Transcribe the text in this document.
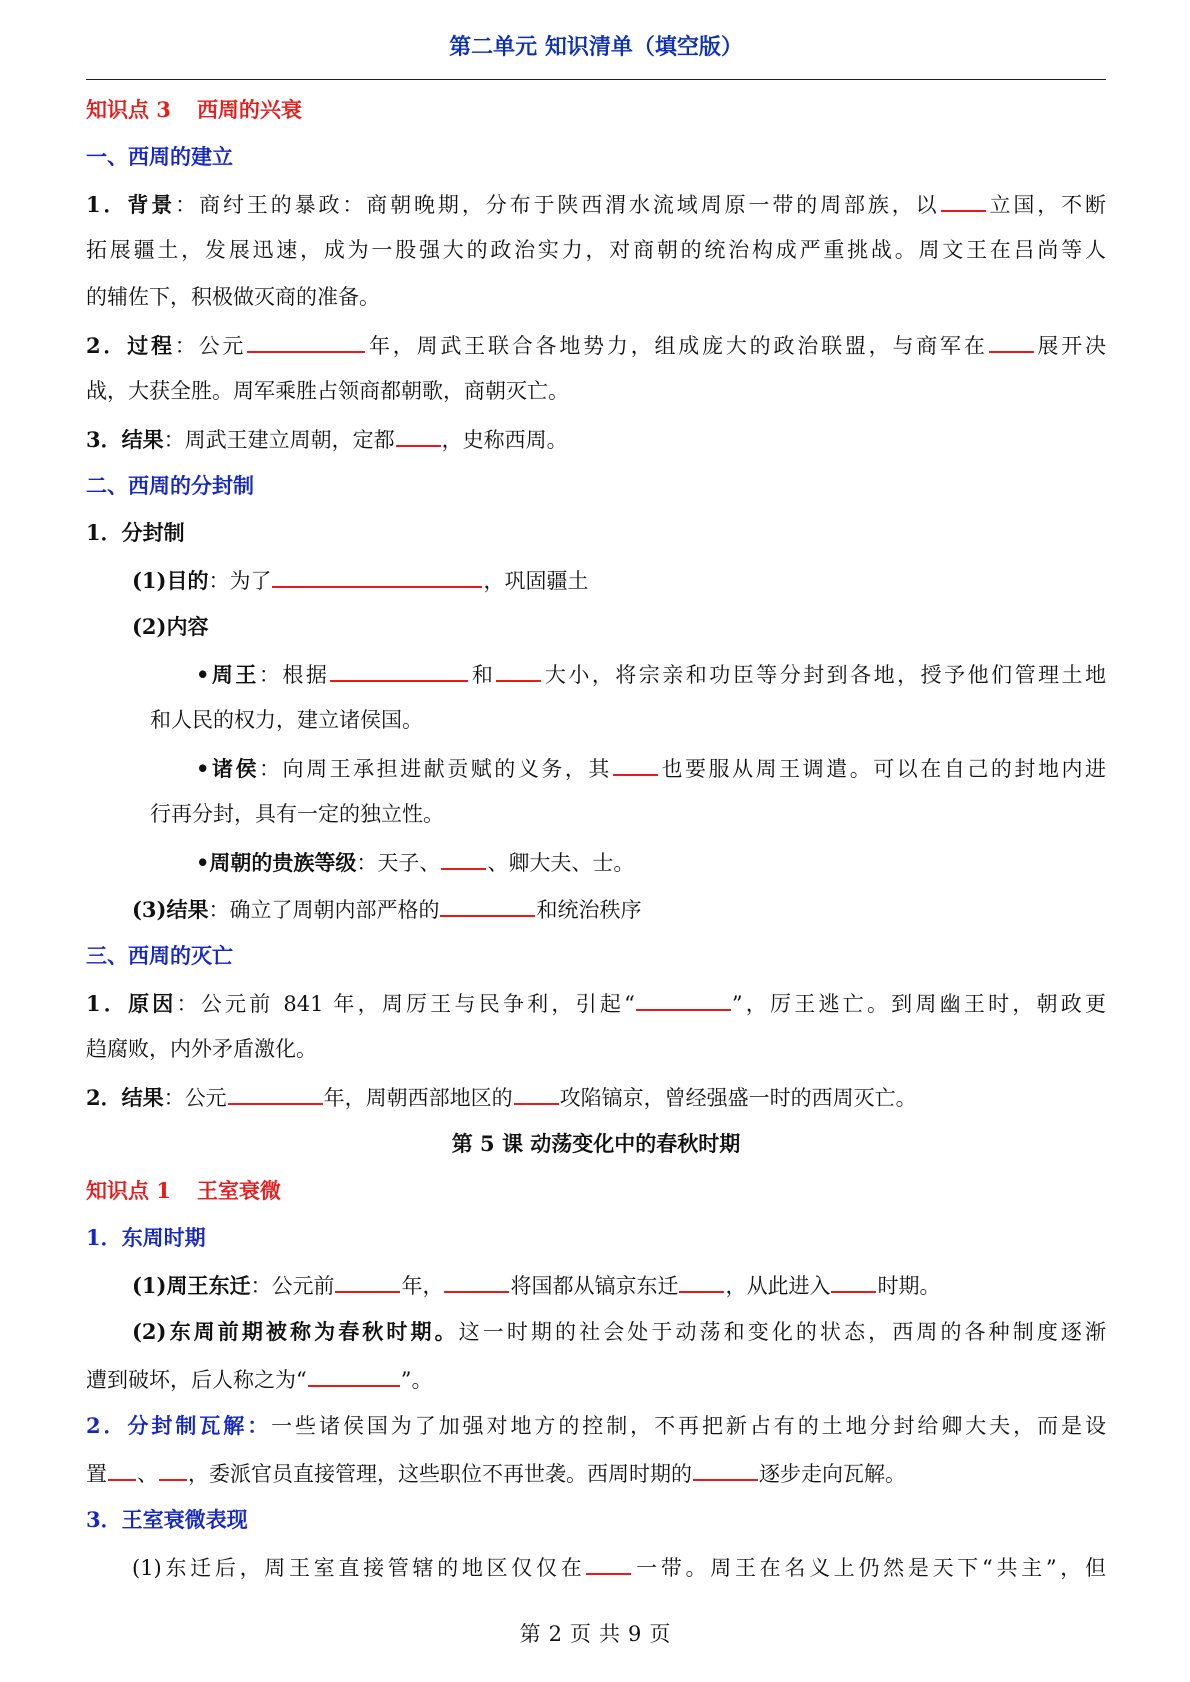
第二单元 知识清单（填空版）
知识点 3 西周的兴衰
一、西周的建立
1．背景：商纣王的暴政：商朝晚期，分布于陕西渭水流域周原一带的周部族，以 立国，不断
拓展疆土，发展迅速，成为一股强大的政治实力，对商朝的统治构成严重挑战。周文王在吕尚等人
的辅佐下，积极做灭商的准备。
2．过程：公元	年，周武王联合各地势力，组成庞大的政治联盟，与商军在 展开决
战，大获全胜。周军乘胜占领商都朝歌，商朝灭亡。
3．结果：周武王建立周朝，定都 ，史称西周。
二、西周的分封制
1．分封制
(1)目的：为了	，巩固疆土
(2)内容
•周王：根据	和 大小，将宗亲和功臣等分封到各地，授予他们管理土地
和人民的权力，建立诸侯国。
•诸侯：向周王承担进献贡赋的义务，其 也要服从周王调遣。可以在自己的封地内进
行再分封，具有一定的独立性。
•周朝的贵族等级：天子、 、卿大夫、士。
(3)结果：确立了周朝内部严格的	和统治秩序
三、西周的灭亡
1．原因：公元前 841 年，周厉王与民争利，引起“	”，厉王逃亡。到周幽王时，朝政更
趋腐败，内外矛盾激化。
2．结果：公元	年，周朝西部地区的 攻陷镐京，曾经强盛一时的西周灭亡。
第 5 课 动荡变化中的春秋时期
知识点 1 王室衰微
1．东周时期
(1)周王东迁：公元前	年，	将国都从镐京东迁 ，从此进入 时期。
(2)东周前期被称为春秋时期。这一时期的社会处于动荡和变化的状态，西周的各种制度逐渐
遭到破坏，后人称之为“	”。
2．分封制瓦解：一些诸侯国为了加强对地方的控制，不再把新占有的土地分封给卿大夫，而是设
置 、 ，委派官员直接管理，这些职位不再世袭。西周时期的	逐步走向瓦解。
3．王室衰微表现
(1)东迁后，周王室直接管辖的地区仅仅在 一带。周王在名义上仍然是天下“共主”，但
第 2 页 共 9 页
